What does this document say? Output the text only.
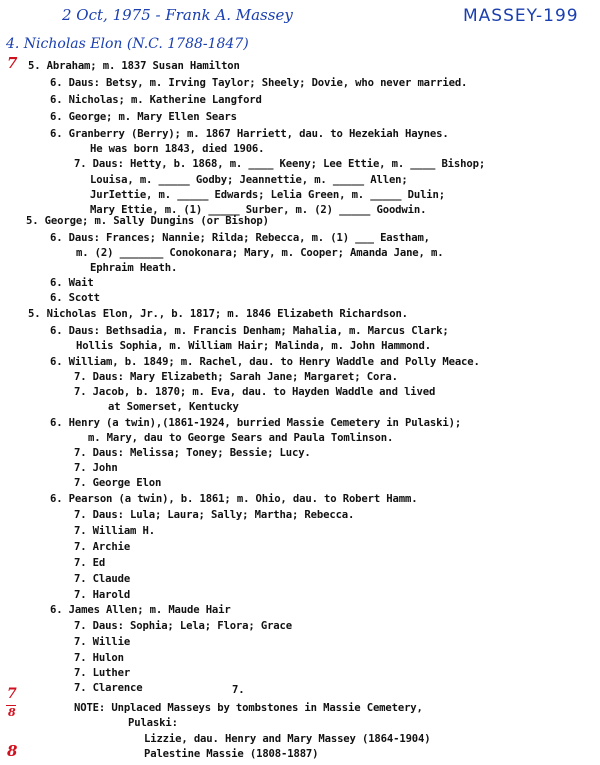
2 Oct, 1975 - Frank A. Massey	MASSEY-199
4. Nicholas Elon (N.C. 1788-1847)
7 5. Abraham; m. 1837 Susan Hamilton
6. Daus: Betsy, m. Irving Taylor; Sheely; Dovie, who never married.
6. Nicholas; m. Katherine Langford
6. George; m. Mary Ellen Sears
6. Granberry (Berry); m. 1867 Harriett, dau. to Hezekiah Haynes.
He was born 1843, died 1906.
7. Daus: Hetty, b. 1868, m. ____ Keeny; Lee Ettie, m. ____ Bishop;
Louisa, m. _____ Godby; Jeannettie, m. _____ Allen;
JurIettie, m. _____ Edwards; Lelia Green, m. _____ Dulin;
Mary Ettie, m. (1) _____ Surber, m. (2) _____ Goodwin.
5. George; m. Sally Dungins (or Bishop)
6. Daus: Frances; Nannie; Rilda; Rebecca, m. (1) ___ Eastham,
m. (2) _______ Conokonara; Mary, m. Cooper; Amanda Jane, m.
Ephraim Heath.
6. Wait
6. Scott
5. Nicholas Elon, Jr., b. 1817; m. 1846 Elizabeth Richardson.
6. Daus: Bethsadia, m. Francis Denham; Mahalia, m. Marcus Clark;
Hollis Sophia, m. William Hair; Malinda, m. John Hammond.
6. William, b. 1849; m. Rachel, dau. to Henry Waddle and Polly Meace.
7. Daus: Mary Elizabeth; Sarah Jane; Margaret; Cora.
7. Jacob, b. 1870; m. Eva, dau. to Hayden Waddle and lived
at Somerset, Kentucky
6. Henry (a twin),(1861-1924, burried Massie Cemetery in Pulaski);
m. Mary, dau to George Sears and Paula Tomlinson.
7. Daus: Melissa; Toney; Bessie; Lucy.
7. John
7. George Elon
6. Pearson (a twin), b. 1861; m. Ohio, dau. to Robert Hamm.
7. Daus: Lula; Laura; Sally; Martha; Rebecca.
7. William H.
7. Archie
7. Ed
7. Claude
7. Harold
6. James Allen; m. Maude Hair
7. Daus: Sophia; Lela; Flora; Grace
7. Willie
7. Hulon
7. Luther
7. Clarence	7.
NOTE: Unplaced Masseys by tombstones in Massie Cemetery,
Pulaski:
Lizzie, dau. Henry and Mary Massey (1864-1904)
Palestine Massie (1808-1887)
7
8
8
